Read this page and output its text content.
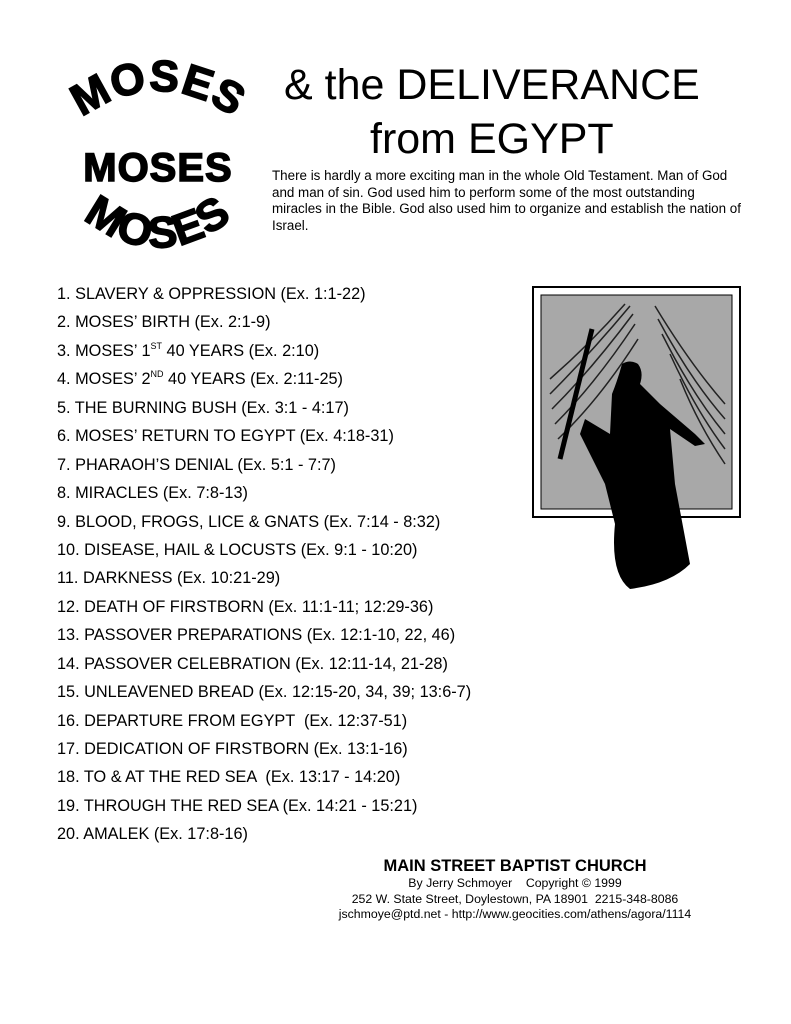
MOSES
MOSES
MOSES
& the DELIVERANCE
from EGYPT
There is hardly a more exciting man in the whole Old Testament. Man of God and man of sin. God used him to perform some of the most outstanding miracles in the Bible. God also used him to organize and establish the nation of Israel.
1. SLAVERY & OPPRESSION (Ex. 1:1-22)
2. MOSES’ BIRTH (Ex. 2:1-9)
3. MOSES’ 1ST 40 YEARS (Ex. 2:10)
4. MOSES’ 2ND 40 YEARS (Ex. 2:11-25)
5. THE BURNING BUSH (Ex. 3:1 - 4:17)
6. MOSES’ RETURN TO EGYPT (Ex. 4:18-31)
7. PHARAOH’S DENIAL (Ex. 5:1 - 7:7)
8. MIRACLES (Ex. 7:8-13)
9. BLOOD, FROGS, LICE & GNATS (Ex. 7:14 - 8:32)
10. DISEASE, HAIL & LOCUSTS (Ex. 9:1 - 10:20)
11. DARKNESS (Ex. 10:21-29)
12. DEATH OF FIRSTBORN (Ex. 11:1-11; 12:29-36)
13. PASSOVER PREPARATIONS (Ex. 12:1-10, 22, 46)
14. PASSOVER CELEBRATION (Ex. 12:11-14, 21-28)
15. UNLEAVENED BREAD (Ex. 12:15-20, 34, 39; 13:6-7)
16. DEPARTURE FROM EGYPT  (Ex. 12:37-51)
17. DEDICATION OF FIRSTBORN (Ex. 13:1-16)
18. TO & AT THE RED SEA  (Ex. 13:17 - 14:20)
19. THROUGH THE RED SEA (Ex. 14:21 - 15:21)
20. AMALEK (Ex. 17:8-16)
MAIN STREET BAPTIST CHURCH
By Jerry Schmoyer    Copyright © 1999
252 W. State Street, Doylestown, PA 18901  2215-348-8086
jschmoye@ptd.net - http://www.geocities.com/athens/agora/1114
